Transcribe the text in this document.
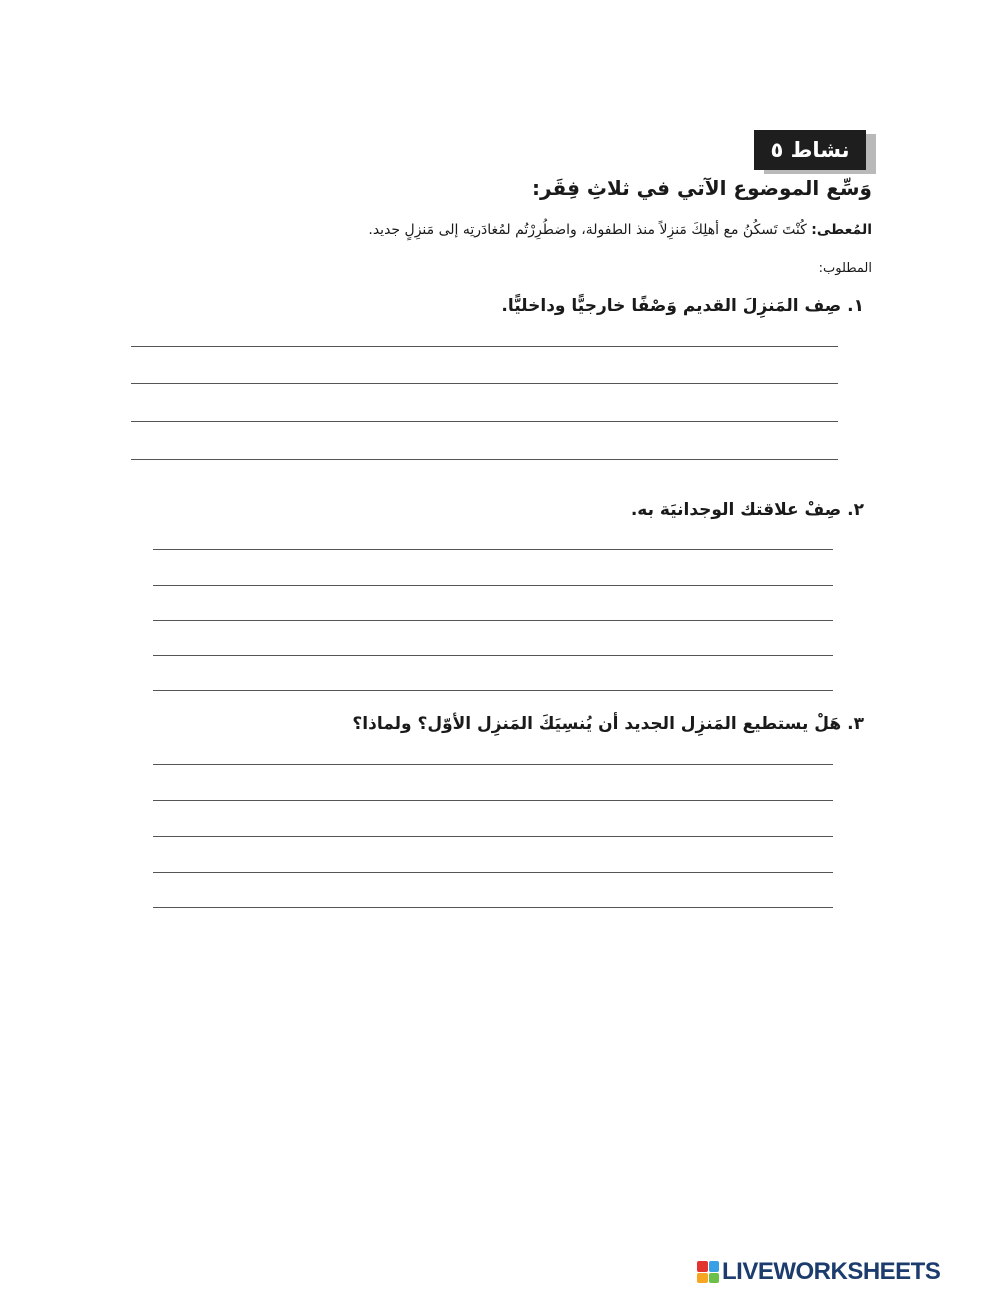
نشاط ٥
وَسِّع الموضوع الآتي في ثلاثِ فِقَر:
المُعطى: كُنْتَ تَسكُنُ مع أهلِكَ مَنزِلاً منذ الطفولة، واضطُرِرْتُم لمُغادَرتِه إلى مَنزِلٍ جديد.
المطلوب:
١. صِف المَنزِلَ القديم وَصْفًا خارجيًّا وداخليًّا.
٢. صِفْ علاقتك الوجدانيَة به.
٣. هَلْ يستطيع المَنزِل الجديد أن يُنسِيَكَ المَنزِل الأوّل؟ ولماذا؟
LIVEWORKSHEETS
